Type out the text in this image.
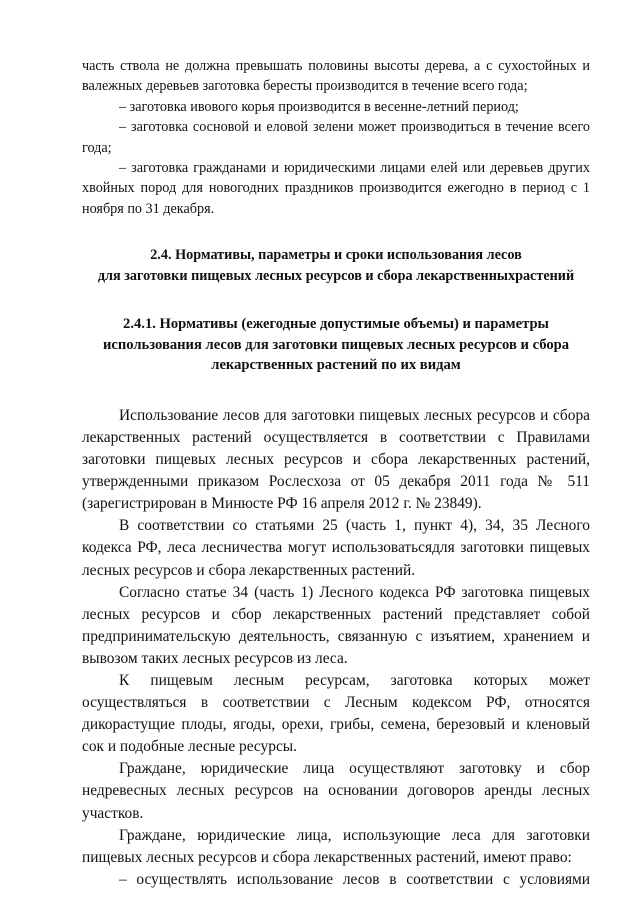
часть ствола не должна превышать половины высоты дерева, а с сухостойных и валежных деревьев заготовка бересты производится в течение всего года;

– заготовка ивового корья производится в весенне-летний период;

– заготовка сосновой и еловой зелени может производиться в течение всего года;

– заготовка гражданами и юридическими лицами елей или деревьев других хвойных пород для новогодних праздников производится ежегодно в период с 1 ноября по 31 декабря.

2.4. Нормативы, параметры и сроки использования лесов
для заготовки пищевых лесных ресурсов и сбора лекарственныхрастений
2.4.1. Нормативы (ежегодные допустимые объемы) и параметры
использования лесов для заготовки пищевых лесных ресурсов и сбора
лекарственных растений по их видам

Использование лесов для заготовки пищевых лесных ресурсов и сбора лекарственных растений осуществляется в соответствии с Правилами заготовки пищевых лесных ресурсов и сбора лекарственных растений, утвержденными приказом Рослесхоза от 05 декабря 2011 года № 511 (зарегистрирован в Минюсте РФ 16 апреля 2012 г. № 23849).

В соответствии со статьями 25 (часть 1, пункт 4), 34, 35 Лесного кодекса РФ, леса лесничества могут использоватьсядля заготовки пищевых лесных ресурсов и сбора лекарственных растений.

Согласно статье 34 (часть 1) Лесного кодекса РФ заготовка пищевых лесных ресурсов и сбор лекарственных растений представляет собой предпринимательскую деятельность, связанную с изъятием, хранением и вывозом таких лесных ресурсов из леса.

К пищевым лесным ресурсам, заготовка которых может осуществляться в соответствии с Лесным кодексом РФ, относятся дикорастущие плоды, ягоды, орехи, грибы, семена, березовый и кленовый сок и подобные лесные ресурсы.

Граждане, юридические лица осуществляют заготовку и сбор недревесных лесных ресурсов на основании договоров аренды лесных участков.

Граждане, юридические лица, использующие леса для заготовки пищевых лесных ресурсов и сбора лекарственных растений, имеют право:

– осуществлять использование лесов в соответствии с условиями
